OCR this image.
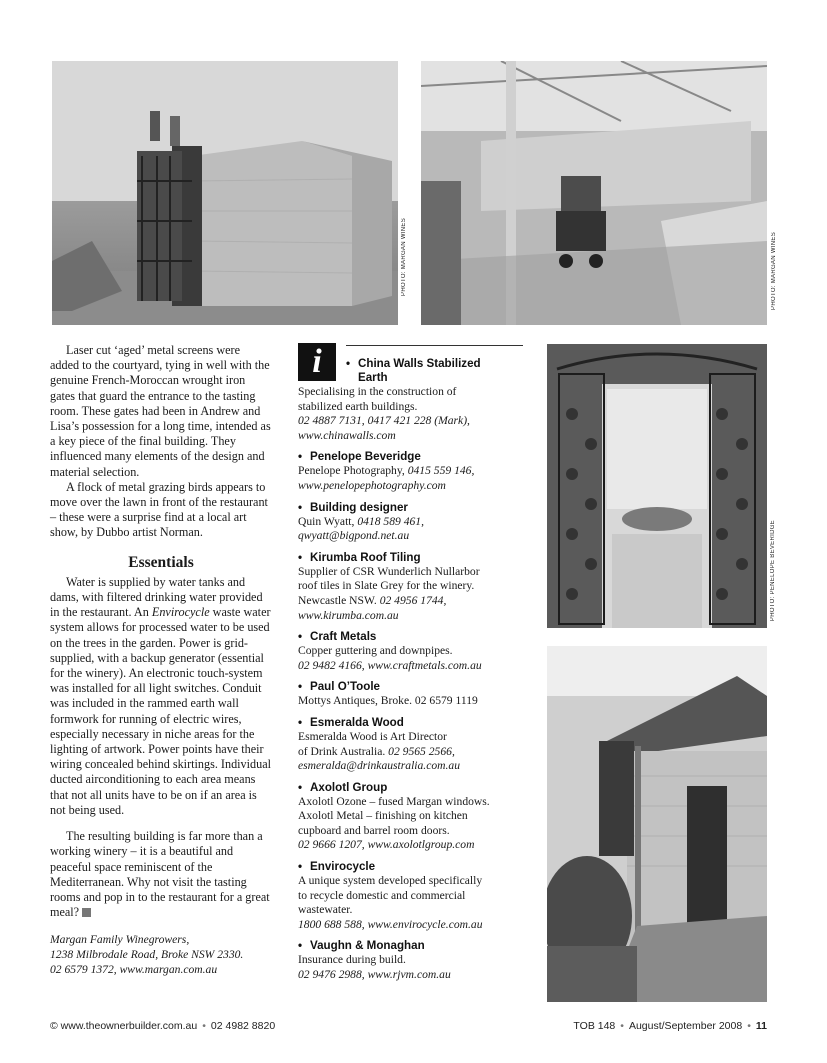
PHOTO: MARGAN WINES	PHOTO: MARGAN WINES
PHOTO: PENELOPE BEVERIDGE

Laser cut ‘aged’ metal screens were added to the courtyard, tying in well with the genuine French-Moroccan wrought iron gates that guard the entrance to the tasting room. These gates had been in Andrew and Lisa’s possession for a long time, intended as a key piece of the final building. They influenced many elements of the design and material selection.

A flock of metal grazing birds appears to move over the lawn in front of the restaurant – these were a surprise find at a local art show, by Dubbo artist Norman.

Essentials

Water is supplied by water tanks and dams, with filtered drinking water provided in the restaurant. An Envirocycle waste water system allows for processed water to be used on the trees in the garden. Power is grid-supplied, with a backup generator (essential for the winery). An electronic touch-system was installed for all light switches. Conduit was included in the rammed earth wall formwork for running of electric wires, especially necessary in niche areas for the lighting of artwork. Power points have their wiring concealed behind skirtings. Individual ducted airconditioning to each area means that not all units have to be on if an area is not being used.

The resulting building is far more than a working winery – it is a beautiful and peaceful space reminiscent of the Mediterranean. Why not visit the tasting rooms and pop in to the restaurant for a great meal?

Margan Family Winegrowers,
1238 Milbrodale Road, Broke NSW 2330.
02 6579 1372, www.margan.com.au
i	• China Walls Stabilized
Earth
Specialising in the construction of
stabilized earth buildings.
02 4887 7131, 0417 421 228 (Mark),
www.chinawalls.com
• Penelope Beveridge
Penelope Photography, 0415 559 146,
www.penelopephotography.com
• Building designer
Quin Wyatt, 0418 589 461,
qwyatt@bigpond.net.au
• Kirumba Roof Tiling
Supplier of CSR Wunderlich Nullarbor
roof tiles in Slate Grey for the winery.
Newcastle NSW. 02 4956 1744,
www.kirumba.com.au
• Craft Metals
Copper guttering and downpipes.
02 9482 4166, www.craftmetals.com.au
• Paul O’Toole
Mottys Antiques, Broke. 02 6579 1119
• Esmeralda Wood
Esmeralda Wood is Art Director
of Drink Australia. 02 9565 2566,
esmeralda@drinkaustralia.com.au
• Axolotl Group
Axolotl Ozone – fused Margan windows.
Axolotl Metal – finishing on kitchen
cupboard and barrel room doors.
02 9666 1207, www.axolotlgroup.com
• Envirocycle
A unique system developed specifically
to recycle domestic and commercial
wastewater.
1800 688 588, www.envirocycle.com.au
• Vaughn & Monaghan
Insurance during build.
02 9476 2988, www.rjvm.com.au
© www.theownerbuilder.com.au • 02 4982 8820	TOB 148 • August/September 2008 • 11
